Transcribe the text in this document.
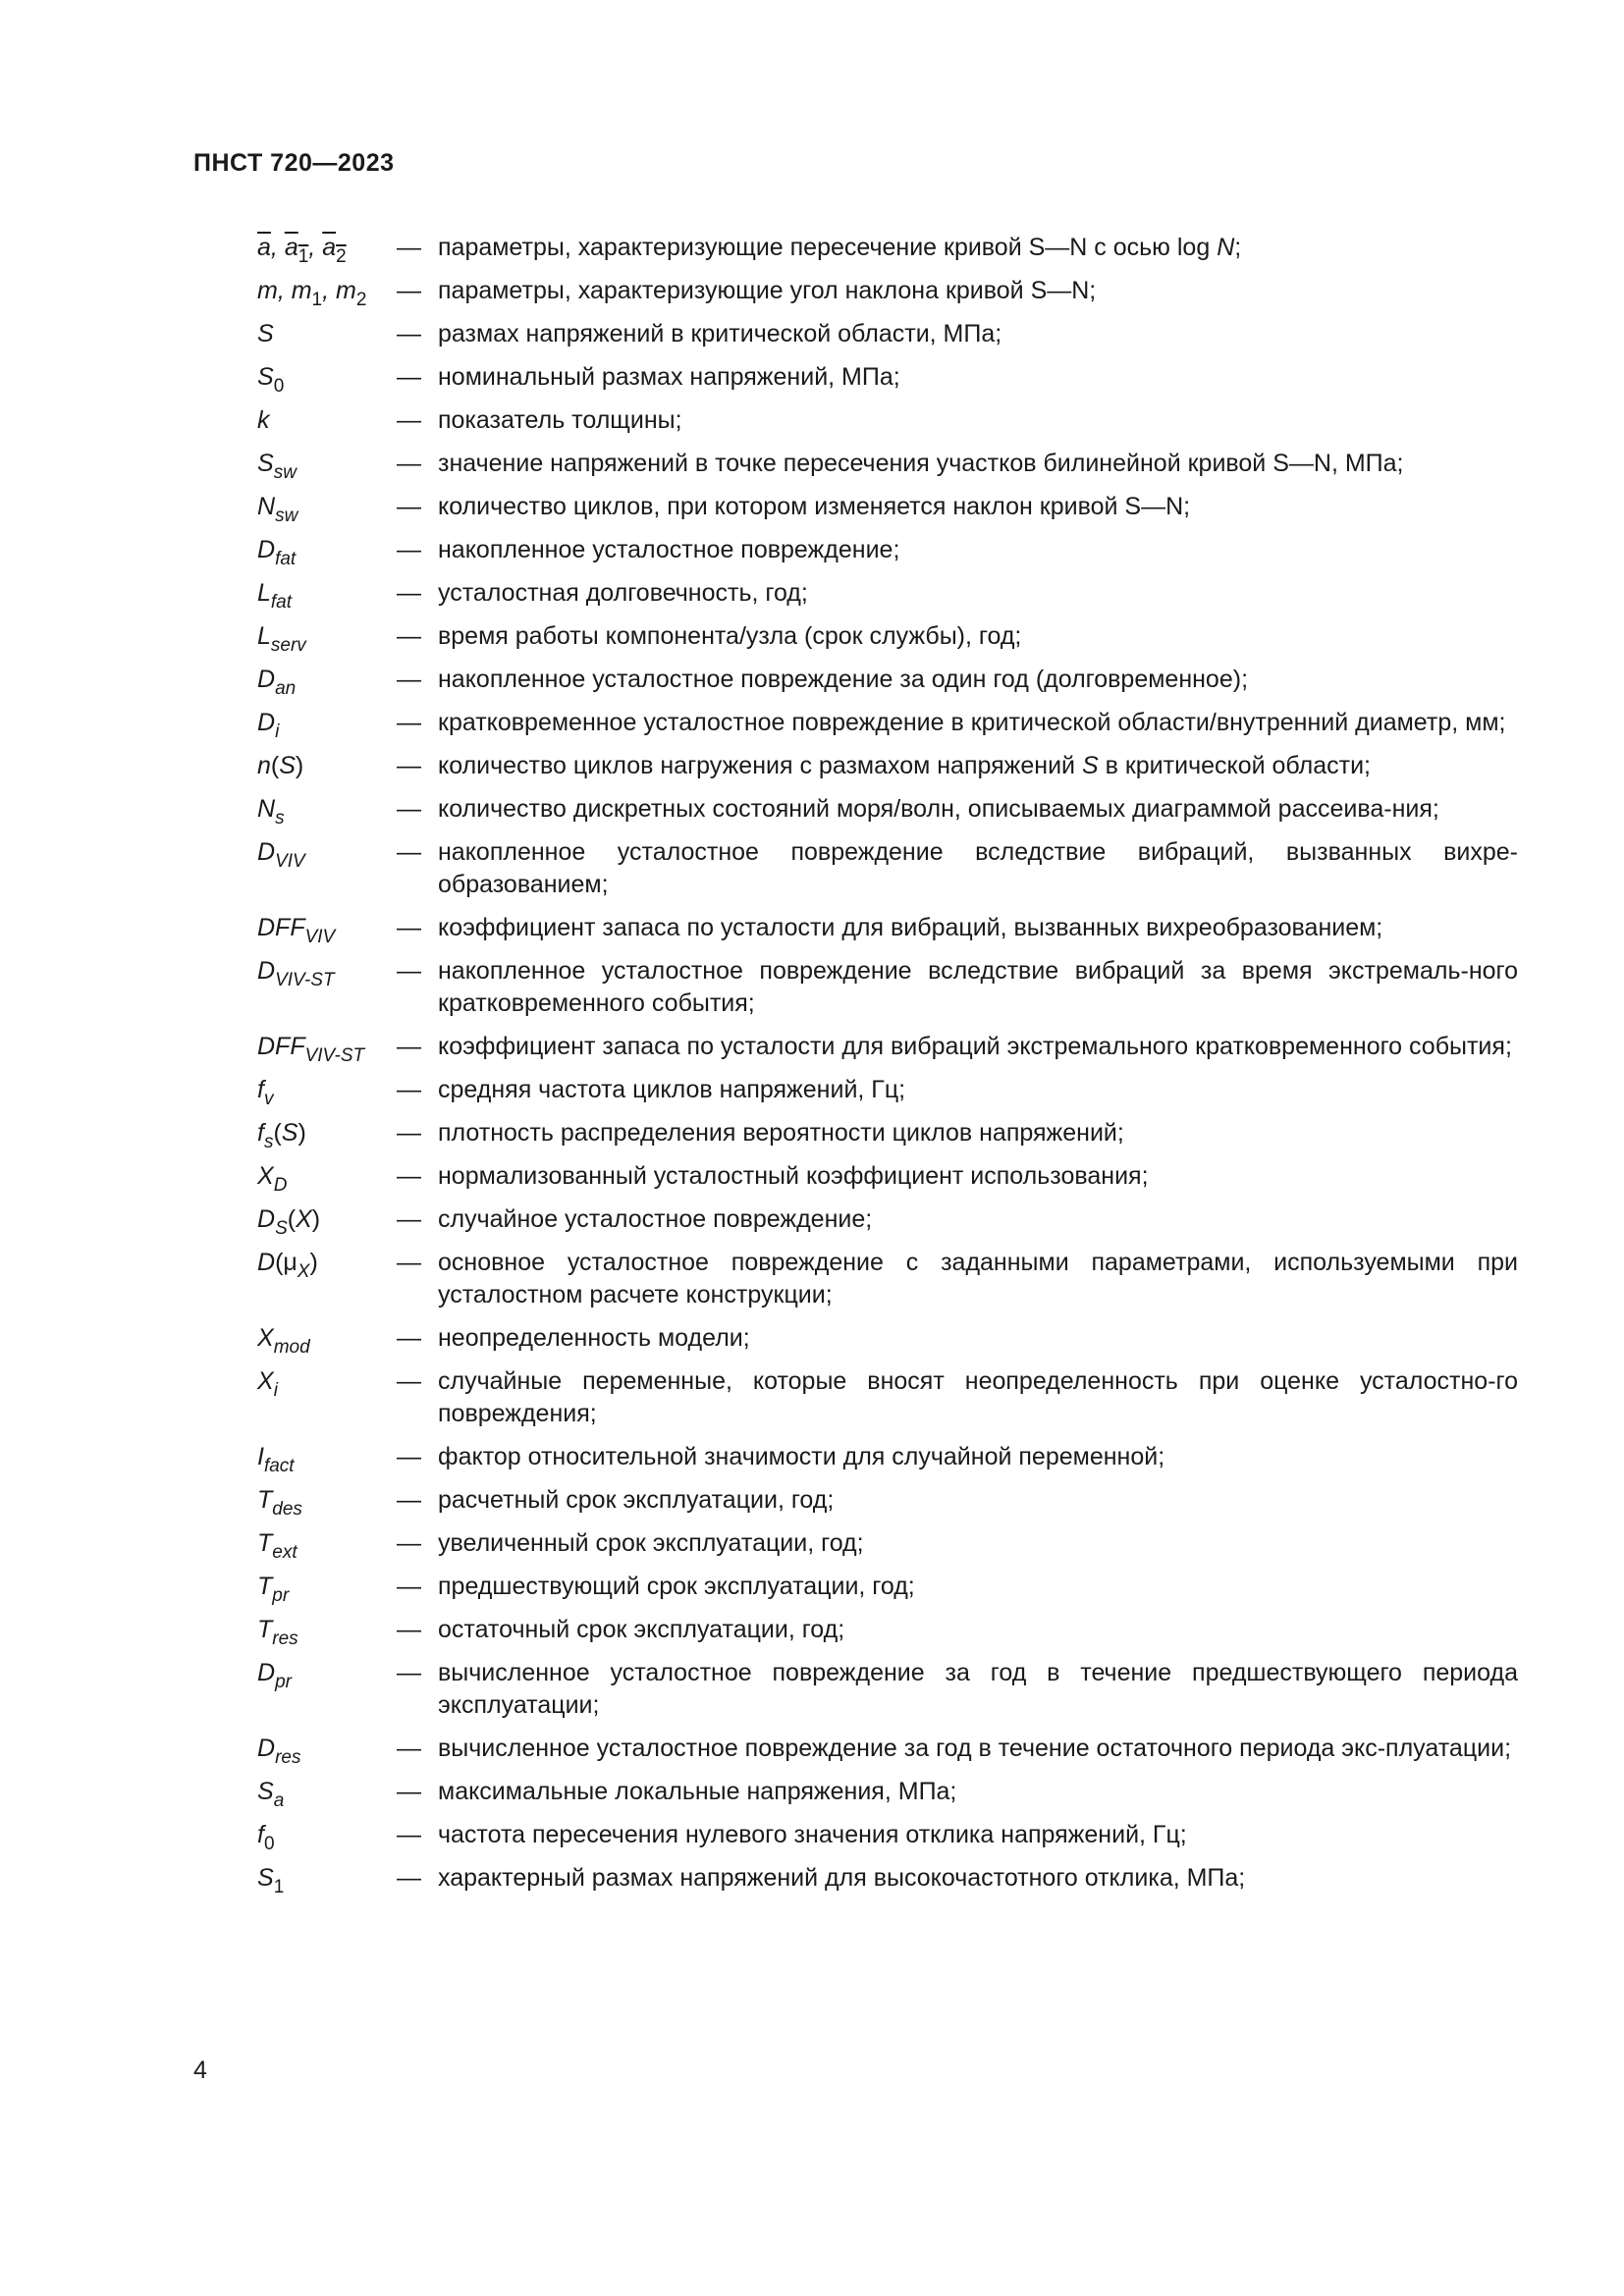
ПНСТ 720—2023
$\overline{a}$, $a_1$, $a_2$	— параметры, характеризующие пересечение кривой S—N с осью log N;
m, $m_1$, $m_2$	— параметры, характеризующие угол наклона кривой S—N;
S	— размах напряжений в критической области, МПа;
$S_0$	— номинальный размах напряжений, МПа;
k	— показатель толщины;
$S_{sw}$	— значение напряжений в точке пересечения участков билинейной кривой S—N, МПа;
$N_{sw}$	— количество циклов, при котором изменяется наклон кривой S—N;
$D_{fat}$	— накопленное усталостное повреждение;
$L_{fat}$	— усталостная долговечность, год;
$L_{serv}$	— время работы компонента/узла (срок службы), год;
$D_{an}$	— накопленное усталостное повреждение за один год (долговременное);
$D_i$	— кратковременное усталостное повреждение в критической области/внутренний диаметр, мм;
n(S)	— количество циклов нагружения с размахом напряжений S в критической области;
$N_s$	— количество дискретных состояний моря/волн, описываемых диаграммой рассеива-ния;
$D_{VIV}$	— накопленное усталостное повреждение вследствие вибраций, вызванных вихре-образованием;
$DFF_{VIV}$	— коэффициент запаса по усталости для вибраций, вызванных вихреобразованием;
$D_{VIV-ST}$	— накопленное усталостное повреждение вследствие вибраций за время экстремаль-ного кратковременного события;
$DFF_{VIV-ST}$	— коэффициент запаса по усталости для вибраций экстремального кратковременного события;
$f_v$	— средняя частота циклов напряжений, Гц;
$f_s(S)$	— плотность распределения вероятности циклов напряжений;
$X_D$	— нормализованный усталостный коэффициент использования;
$D_S(X)$	— случайное усталостное повреждение;
$D(\mu_X)$	— основное усталостное повреждение с заданными параметрами, используемыми при усталостном расчете конструкции;
$X_{mod}$	— неопределенность модели;
$X_i$	— случайные переменные, которые вносят неопределенность при оценке усталостно-го повреждения;
$I_{fact}$	— фактор относительной значимости для случайной переменной;
$T_{des}$	— расчетный срок эксплуатации, год;
$T_{ext}$	— увеличенный срок эксплуатации, год;
$T_{pr}$	— предшествующий срок эксплуатации, год;
$T_{res}$	— остаточный срок эксплуатации, год;
$D_{pr}$	— вычисленное усталостное повреждение за год в течение предшествующего периода эксплуатации;
$D_{res}$	— вычисленное усталостное повреждение за год в течение остаточного периода экс-плуатации;
$S_a$	— максимальные локальные напряжения, МПа;
$f_0$	— частота пересечения нулевого значения отклика напряжений, Гц;
$S_1$	— характерный размах напряжений для высокочастотного отклика, МПа;
4
